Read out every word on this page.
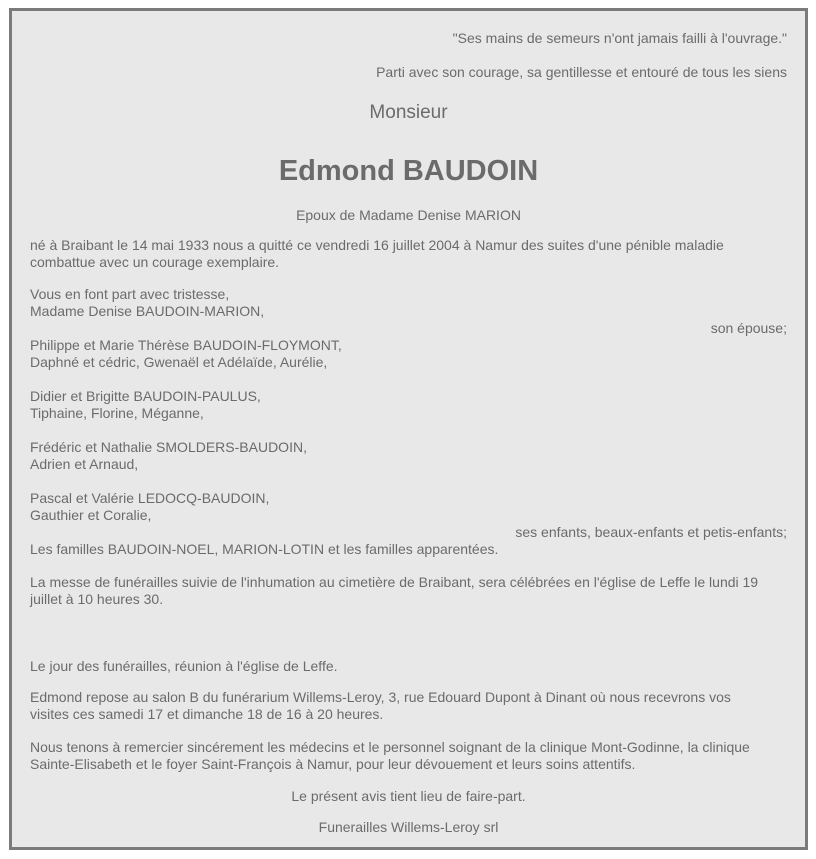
"Ses mains de semeurs n'ont jamais failli à l'ouvrage."
Parti avec son courage, sa gentillesse et entouré de tous les siens
Monsieur
Edmond BAUDOIN
Epoux de Madame Denise MARION
né à Braibant le 14 mai 1933 nous a quitté ce vendredi 16 juillet 2004 à Namur des suites d'une pénible maladie
combattue avec un courage exemplaire.
Vous en font part avec tristesse,
Madame Denise BAUDOIN-MARION,
son épouse;
Philippe et Marie Thérèse BAUDOIN-FLOYMONT,
Daphné et cédric, Gwenaël et Adélaïde, Aurélie,
Didier et Brigitte BAUDOIN-PAULUS,
Tiphaine, Florine, Méganne,
Frédéric et Nathalie SMOLDERS-BAUDOIN,
Adrien et Arnaud,
Pascal et Valérie LEDOCQ-BAUDOIN,
Gauthier et Coralie,
ses enfants, beaux-enfants et petis-enfants;
Les familles BAUDOIN-NOEL, MARION-LOTIN et les familles apparentées.
La messe de funérailles suivie de l'inhumation au cimetière de Braibant, sera célébrées en l'église de Leffe le lundi 19
juillet à 10 heures 30.
Le jour des funérailles, réunion à l'église de Leffe.
Edmond repose au salon B du funérarium Willems-Leroy, 3, rue Edouard Dupont à Dinant où nous recevrons vos
visites ces samedi 17 et dimanche 18 de 16 à 20 heures.
Nous tenons à remercier sincérement les médecins et le personnel soignant de la clinique Mont-Godinne, la clinique
Sainte-Elisabeth et le foyer Saint-François à Namur, pour leur dévouement et leurs soins attentifs.
Le présent avis tient lieu de faire-part.
Funerailles Willems-Leroy srl
